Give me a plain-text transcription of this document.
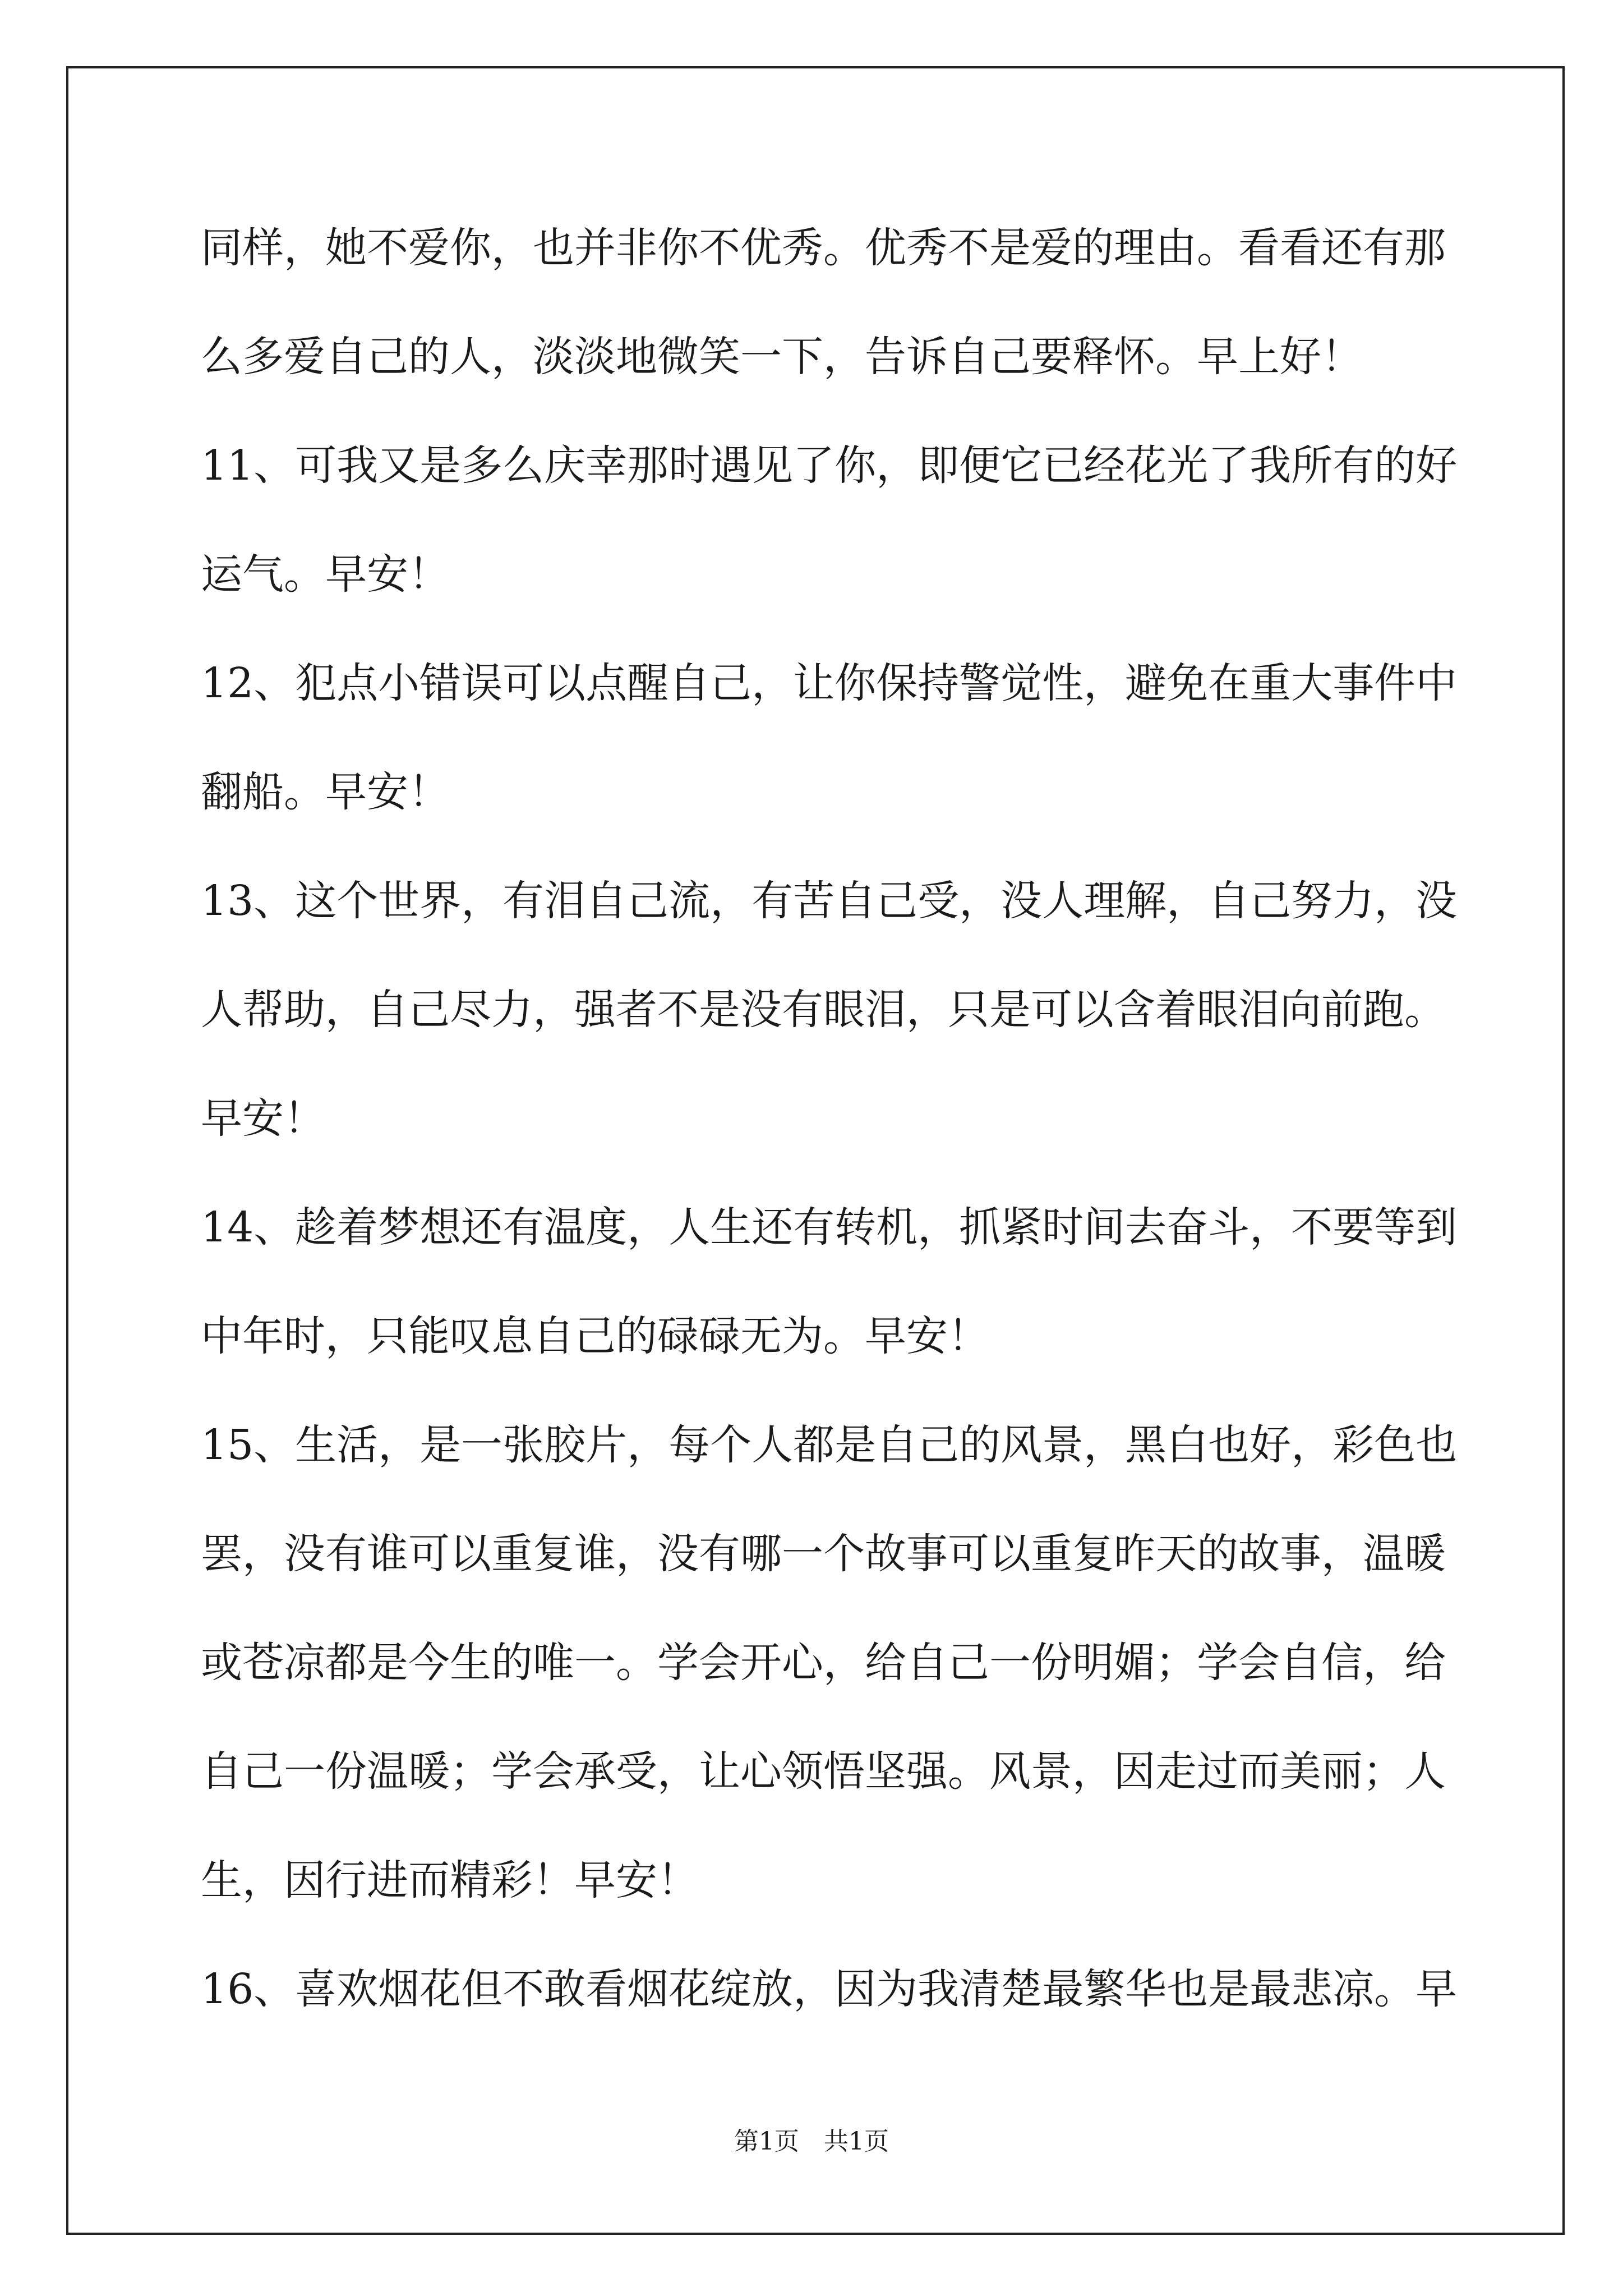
同样，她不爱你，也并非你不优秀。优秀不是爱的理由。看看还有那
么多爱自己的人，淡淡地微笑一下，告诉自己要释怀。早上好！
11、可我又是多么庆幸那时遇见了你，即便它已经花光了我所有的好
运气。早安！
12、犯点小错误可以点醒自己，让你保持警觉性，避免在重大事件中
翻船。早安！
13、这个世界，有泪自己流，有苦自己受，没人理解，自己努力，没
人帮助，自己尽力，强者不是没有眼泪，只是可以含着眼泪向前跑。
早安！
14、趁着梦想还有温度，人生还有转机，抓紧时间去奋斗，不要等到
中年时，只能叹息自己的碌碌无为。早安！
15、生活，是一张胶片，每个人都是自己的风景，黑白也好，彩色也
罢，没有谁可以重复谁，没有哪一个故事可以重复昨天的故事，温暖
或苍凉都是今生的唯一。学会开心，给自己一份明媚；学会自信，给
自己一份温暖；学会承受，让心领悟坚强。风景，因走过而美丽；人
生，因行进而精彩！早安！
16、喜欢烟花但不敢看烟花绽放，因为我清楚最繁华也是最悲凉。早
第1页　共1页
